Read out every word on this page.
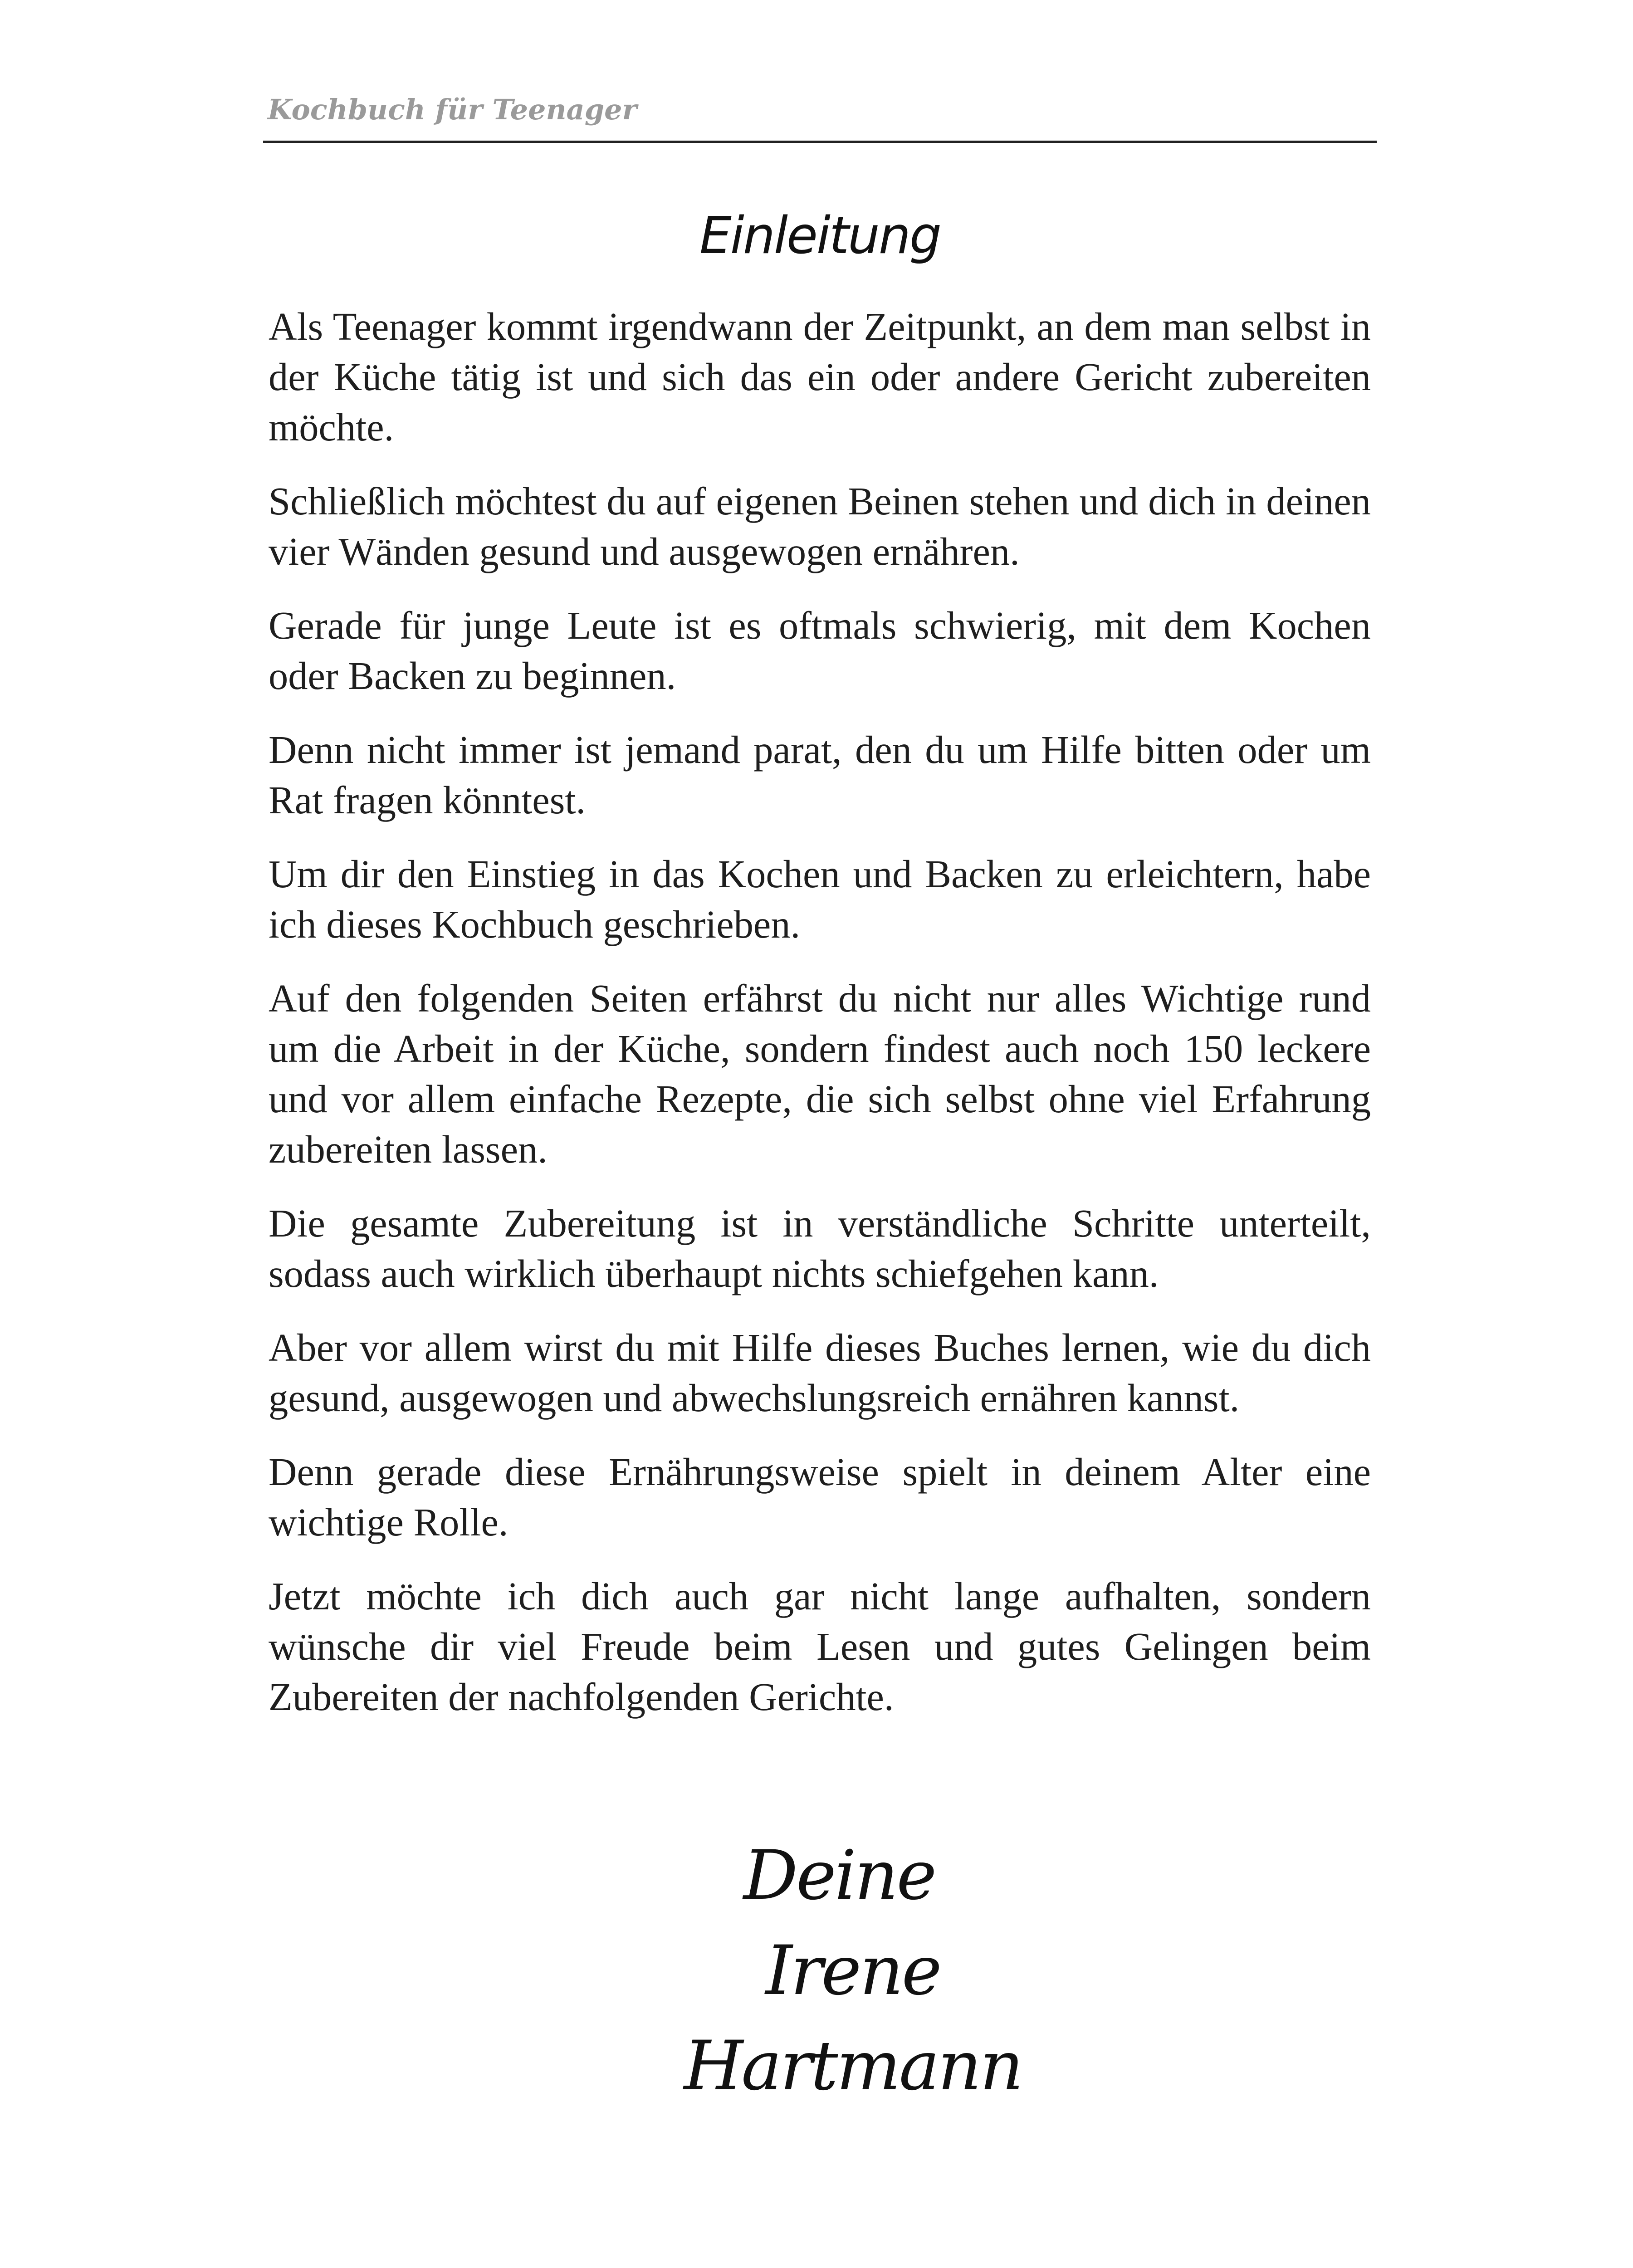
Kochbuch für Teenager
Einleitung

Als Teenager kommt irgendwann der Zeitpunkt, an dem man selbst in der Küche tätig ist und sich das ein oder andere Gericht zubereiten möchte.

Schließlich möchtest du auf eigenen Beinen stehen und dich in deinen vier Wänden gesund und ausgewogen ernähren.

Gerade für junge Leute ist es oftmals schwierig, mit dem Kochen oder Backen zu beginnen.

Denn nicht immer ist jemand parat, den du um Hilfe bitten oder um Rat fragen könntest.

Um dir den Einstieg in das Kochen und Backen zu erleichtern, habe ich dieses Kochbuch geschrieben.

Auf den folgenden Seiten erfährst du nicht nur alles Wichtige rund um die Arbeit in der Küche, sondern findest auch noch 150 leckere und vor allem einfache Rezepte, die sich selbst ohne viel Erfahrung zubereiten lassen.

Die gesamte Zubereitung ist in verständliche Schritte unterteilt, sodass auch wirklich überhaupt nichts schiefgehen kann.

Aber vor allem wirst du mit Hilfe dieses Buches lernen, wie du dich gesund, ausgewogen und abwechslungsreich ernähren kannst.

Denn gerade diese Ernährungsweise spielt in deinem Alter eine wichtige Rolle.

Jetzt möchte ich dich auch gar nicht lange aufhalten, sondern wünsche dir viel Freude beim Lesen und gutes Gelingen beim Zubereiten der nachfolgenden Gerichte.

Deine
Irene Hartmann
